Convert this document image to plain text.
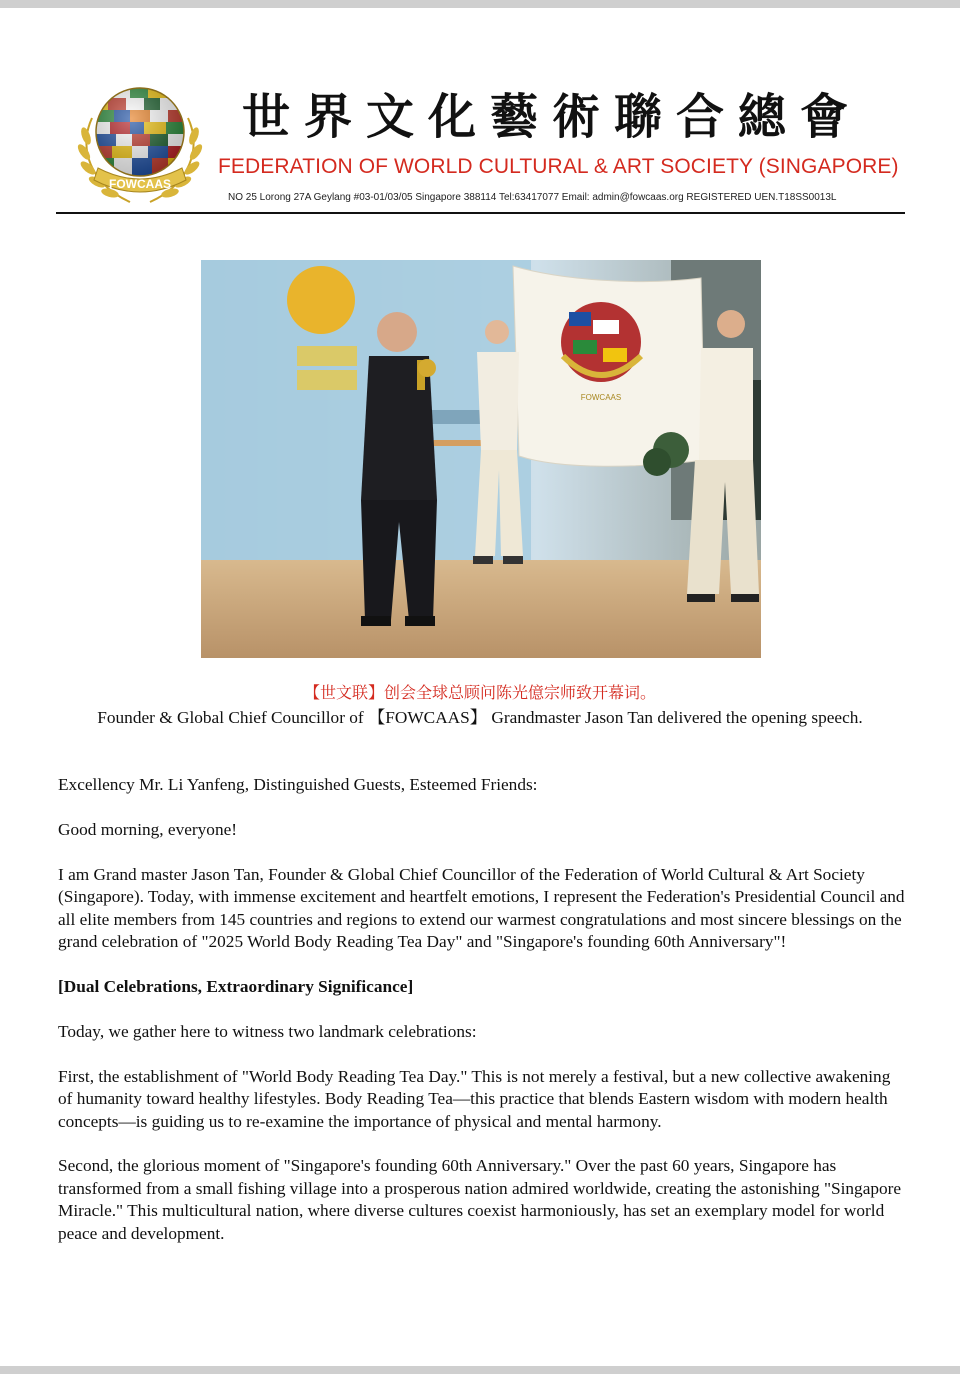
FOWCAAS
世界文化藝術聯合總會
FEDERATION OF WORLD CULTURAL & ART SOCIETY (SINGAPORE)
NO 25 Lorong 27A Geylang #03-01/03/05 Singapore 388114 Tel:63417077 Email: admin@fowcaas.org REGISTERED UEN.T18SS0013L
FOWCAAS
【世文联】创会全球总顾问陈光億宗师致开幕词。
Founder & Global Chief Councillor of 【FOWCAAS】 Grandmaster Jason Tan delivered the opening speech.

Excellency Mr. Li Yanfeng, Distinguished Guests, Esteemed Friends:

Good morning, everyone!

I am Grand master Jason Tan, Founder & Global Chief Councillor of the Federation of World Cultural & Art Society (Singapore). Today, with immense excitement and heartfelt emotions, I represent the Federation's Presidential Council and all elite members from 145 countries and regions to extend our warmest congratulations and most sincere blessings on the grand celebration of "2025 World Body Reading Tea Day" and "Singapore's founding 60th Anniversary"!

[Dual Celebrations, Extraordinary Significance]

Today, we gather here to witness two landmark celebrations:

First, the establishment of "World Body Reading Tea Day." This is not merely a festival, but a new collective awakening of humanity toward healthy lifestyles. Body Reading Tea—this practice that blends Eastern wisdom with modern health concepts—is guiding us to re-examine the importance of physical and mental harmony.

Second, the glorious moment of "Singapore's founding 60th Anniversary." Over the past 60 years, Singapore has transformed from a small fishing village into a prosperous nation admired worldwide, creating the astonishing "Singapore Miracle." This multicultural nation, where diverse cultures coexist harmoniously, has set an exemplary model for world peace and development.
